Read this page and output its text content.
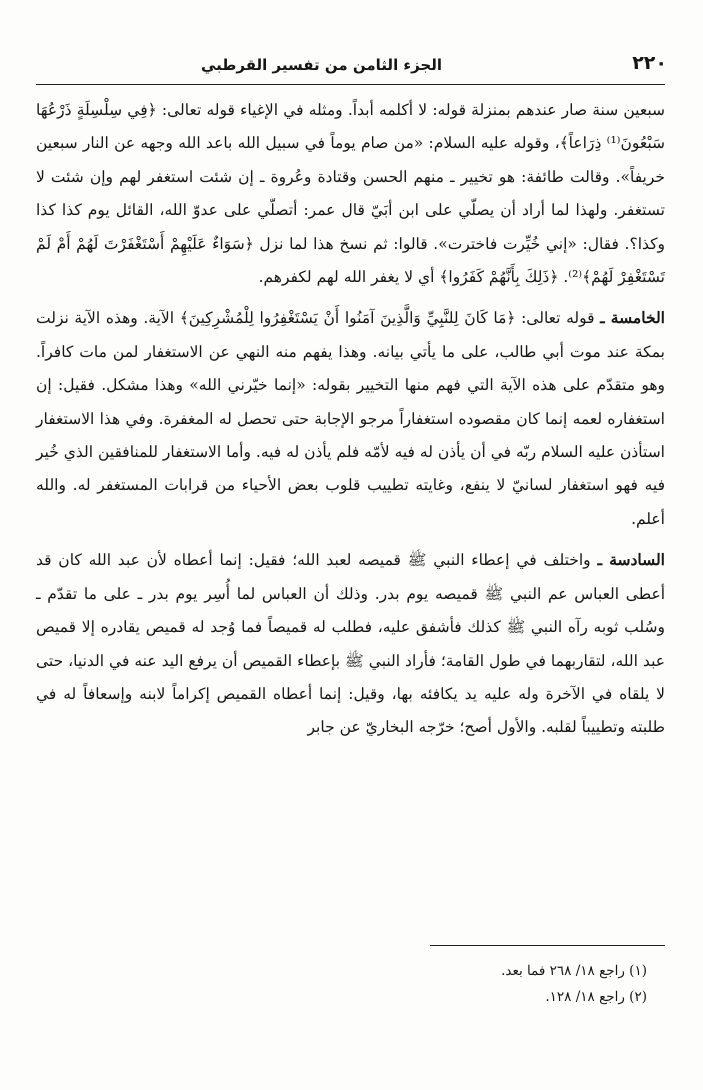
٢٢٠
الجزء الثامن من تفسير القرطبي

سبعين سنة صار عندهم بمنزلة قوله: لا أكلمه أبداً. ومثله في الإغياء قوله تعالى: ﴿فِي سِلْسِلَةٍ ذَرْعُهَا سَبْعُونَ⁽¹⁾ ذِرَاعاً﴾، وقوله عليه السلام: «من صام يوماً في سبيل الله باعد الله وجهه عن النار سبعين خريفاً». وقالت طائفة: هو تخيير ـ منهم الحسن وقتادة وعُروة ـ إن شئت استغفر لهم وإن شئت لا تستغفر. ولهذا لما أراد أن يصلّي على ابن أبَيّ قال عمر: أتصلّي على عدوّ الله، القائل يوم كذا كذا وكذا؟. فقال: «إني خُيِّرت فاخترت». قالوا: ثم نسخ هذا لما نزل ﴿سَوَاءٌ عَلَيْهِمْ أَسْتَغْفَرْتَ لَهُمْ أَمْ لَمْ تَسْتَغْفِرْ لَهُمْ﴾⁽²⁾. ﴿ذَلِكَ بِأَنَّهُمْ كَفَرُوا﴾ أي لا يغفر الله لهم لكفرهم.

الخامسة ـ قوله تعالى: ﴿مَا كَانَ لِلنَّبِيِّ وَالَّذِينَ آمَنُوا أَنْ يَسْتَغْفِرُوا لِلْمُشْرِكِينَ﴾ الآية. وهذه الآية نزلت بمكة عند موت أبي طالب، على ما يأتي بيانه. وهذا يفهم منه النهي عن الاستغفار لمن مات كافراً. وهو متقدّم على هذه الآية التي فهم منها التخيير بقوله: «إنما خيّرني الله» وهذا مشكل. فقيل: إن استغفاره لعمه إنما كان مقصوده استغفاراً مرجو الإجابة حتى تحصل له المغفرة. وفي هذا الاستغفار استأذن عليه السلام ربّه في أن يأذن له فيه لأمّه فلم يأذن له فيه. وأما الاستغفار للمنافقين الذي خُير فيه فهو استغفار لسانيّ لا ينفع، وغايته تطييب قلوب بعض الأحياء من قرابات المستغفر له. والله أعلم.

السادسة ـ واختلف في إعطاء النبي ﷺ قميصه لعبد الله؛ فقيل: إنما أعطاه لأن عبد الله كان قد أعطى العباس عم النبي ﷺ قميصه يوم بدر. وذلك أن العباس لما أُسِر يوم بدر ـ على ما تقدّم ـ وسُلب ثوبه رآه النبي ﷺ كذلك فأشفق عليه، فطلب له قميصاً فما وُجد له قميص يقادره إلا قميص عبد الله، لتقاربهما في طول القامة؛ فأراد النبي ﷺ بإعطاء القميص أن يرفع اليد عنه في الدنيا، حتى لا يلقاه في الآخرة وله عليه يد يكافئه بها، وقيل: إنما أعطاه القميص إكراماً لابنه وإسعافاً له في طلبته وتطييباً لقلبه. والأول أصح؛ خرّجه البخاريّ عن جابر

(١) راجع ١٨/ ٢٦٨ فما بعد.

(٢) راجع ١٨/ ١٢٨.
